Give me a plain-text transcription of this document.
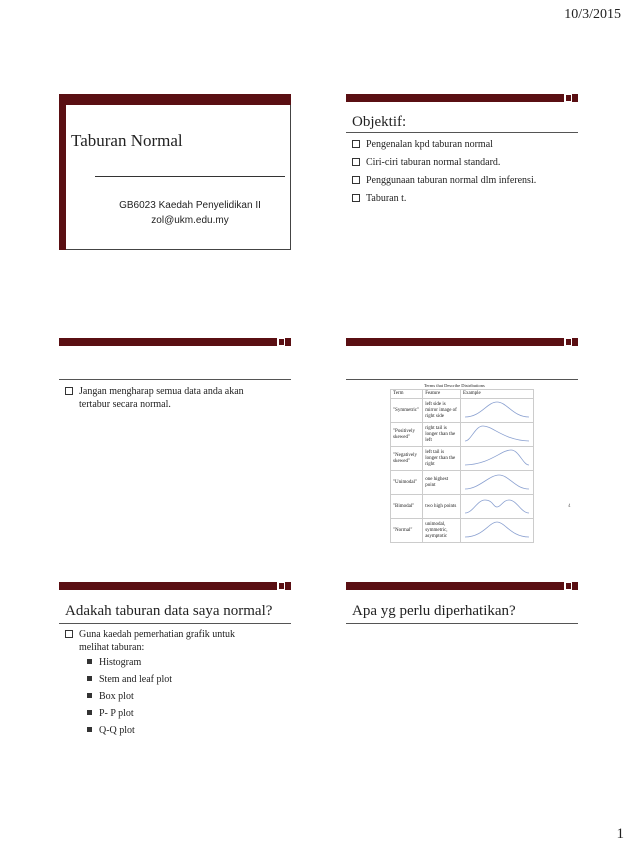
10/3/2015
Taburan Normal
GB6023 Kaedah Penyelidikan II
zol@ukm.edu.my
Objektif:
Pengenalan kpd taburan normal
Ciri-ciri taburan normal standard.
Penggunaan taburan normal dlm inferensi.
Taburan t.
Jangan mengharap semua data anda akan tertabur secara normal.
Terms that Describe Distributions
Term	Feature	Example
"Symmetric"	left side is mirror image of right side	
"Positively skewed"	right tail is longer than the left	
"Negatively skewed"	left tail is longer than the right	
"Unimodal"	one highest point	
"Bimodal"	two high points	
"Normal"	unimodal, symmetric, asymptotic	
4
Adakah taburan data saya normal?
Guna kaedah pemerhatian grafik untuk melihat taburan:
Histogram
Stem and leaf plot
Box plot
P- P plot
Q-Q plot
Apa yg perlu diperhatikan?
1
